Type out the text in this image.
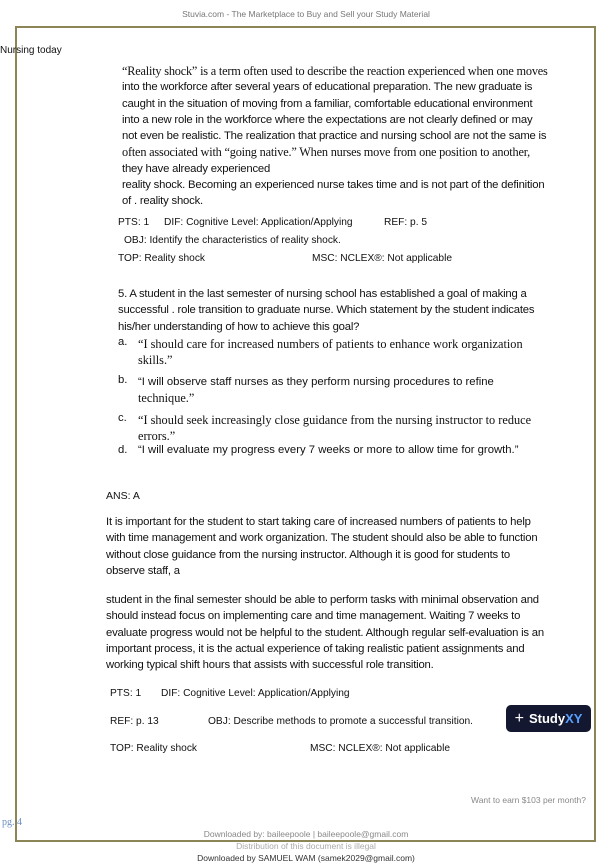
Stuvia.com - The Marketplace to Buy and Sell your Study Material
Nursing today
“Reality shock” is a term often used to describe the reaction experienced when one moves
into the workforce after several years of educational preparation. The new graduate is
caught in the situation of moving from a familiar, comfortable educational environment
into a new role in the workforce where the expectations are not clearly defined or may
not even be realistic. The realization that practice and nursing school are not the same is
often associated with “going native.” When nurses move from one position to another,
they have already experienced
reality shock. Becoming an experienced nurse takes time and is not part of the definition
of . reality shock.
PTS: 1 DIF: Cognitive Level: Application/Applying	REF: p. 5
OBJ: Identify the characteristics of reality shock.
TOP: Reality shock	MSC: NCLEX®: Not applicable
5. A student in the last semester of nursing school has established a goal of making a
successful . role transition to graduate nurse. Which statement by the student indicates
his/her understanding of how to achieve this goal?
a. “I should care for increased numbers of patients to enhance work organization
skills.”
b. “I will observe staff nurses as they perform nursing procedures to refine
technique.”
c. “I should seek increasingly close guidance from the nursing instructor to reduce
errors.”
d. “I will evaluate my progress every 7 weeks or more to allow time for growth.”
ANS: A
It is important for the student to start taking care of increased numbers of patients to help
with time management and work organization. The student should also be able to function
without close guidance from the nursing instructor. Although it is good for students to
observe staff, a
student in the final semester should be able to perform tasks with minimal observation and
should instead focus on implementing care and time management. Waiting 7 weeks to
evaluate progress would not be helpful to the student. Although regular self-evaluation is an
important process, it is the actual experience of taking realistic patient assignments and
working typical shift hours that assists with successful role transition.
PTS: 1 DIF: Cognitive Level: Application/Applying
REF: p. 13	OBJ: Describe methods to promote a successful transition.
TOP: Reality shock	MSC: NCLEX®: Not applicable
+ StudyXY
Want to earn $103 per month?
pg. 4
Downloaded by: baileepoole | baileepoole@gmail.com
Distribution of this document is illegal
Downloaded by SAMUEL WAM (samek2029@gmail.com)
